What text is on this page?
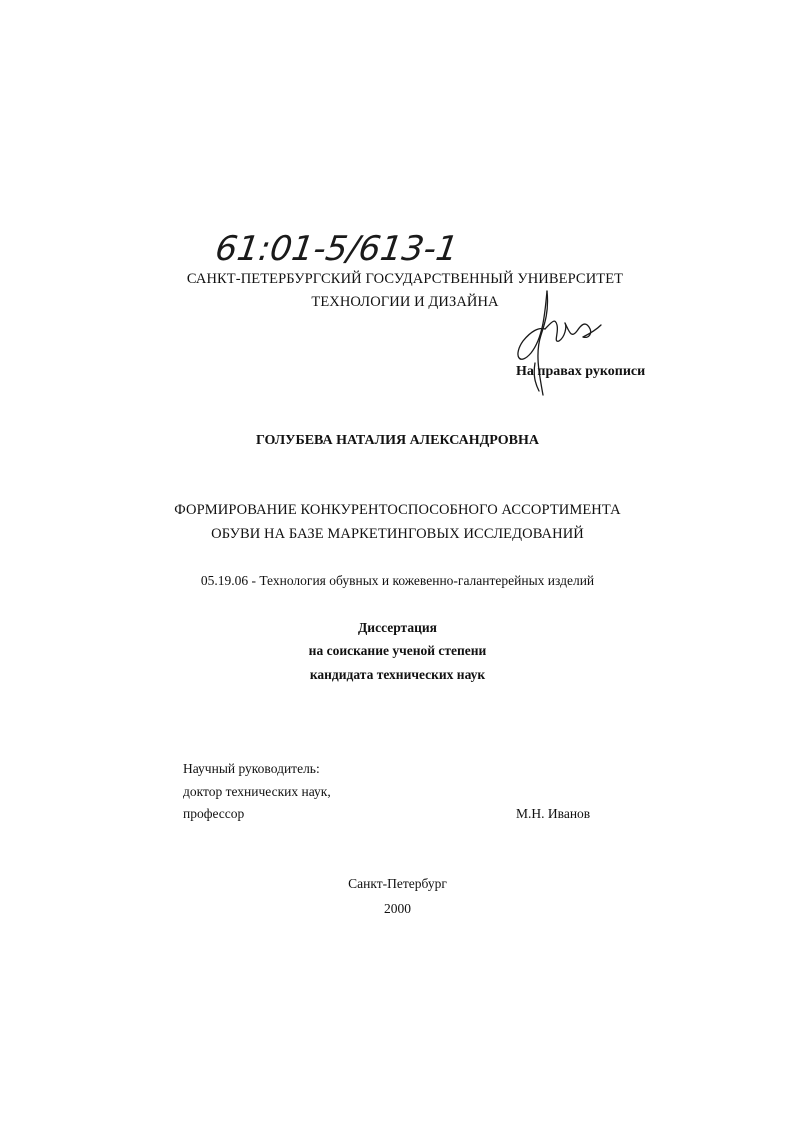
61:01-5/613-1
САНКТ-ПЕТЕРБУРГСКИЙ ГОСУДАРСТВЕННЫЙ УНИВЕРСИТЕТ
ТЕХНОЛОГИИ И ДИЗАЙНА
На правах рукописи
ГОЛУБЕВА НАТАЛИЯ АЛЕКСАНДРОВНА
ФОРМИРОВАНИЕ КОНКУРЕНТОСПОСОБНОГО АССОРТИМЕНТА
ОБУВИ НА БАЗЕ МАРКЕТИНГОВЫХ ИССЛЕДОВАНИЙ
05.19.06 - Технология обувных и кожевенно-галантерейных изделий
Диссертация
на соискание ученой степени
кандидата технических наук
Научный руководитель:
доктор технических наук,
профессор	М.Н. Иванов
Санкт-Петербург
2000
